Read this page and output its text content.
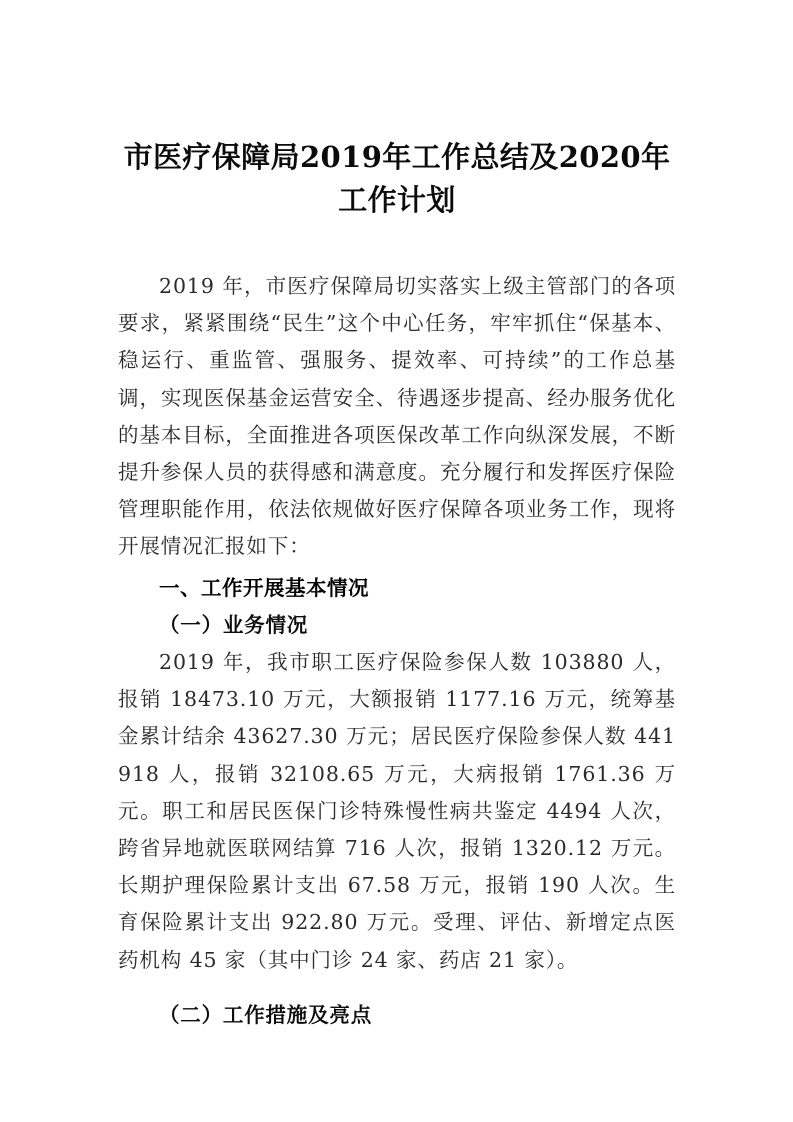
市医疗保障局2019年工作总结及2020年工作计划

2019 年，市医疗保障局切实落实上级主管部门的各项要求，紧紧围绕“民生”这个中心任务，牢牢抓住“保基本、稳运行、重监管、强服务、提效率、可持续”的工作总基调，实现医保基金运营安全、待遇逐步提高、经办服务优化的基本目标，全面推进各项医保改革工作向纵深发展，不断提升参保人员的获得感和满意度。充分履行和发挥医疗保险管理职能作用，依法依规做好医疗保障各项业务工作，现将开展情况汇报如下：

一、工作开展基本情况
（一）业务情况

2019 年，我市职工医疗保险参保人数 103880 人，报销 18473.10 万元，大额报销 1177.16 万元，统筹基金累计结余 43627.30 万元；居民医疗保险参保人数 441918 人，报销 32108.65 万元，大病报销 1761.36 万元。职工和居民医保门诊特殊慢性病共鉴定 4494 人次，跨省异地就医联网结算 716 人次，报销 1320.12 万元。长期护理保险累计支出 67.58 万元，报销 190 人次。生育保险累计支出 922.80 万元。受理、评估、新增定点医药机构 45 家（其中门诊 24 家、药店 21 家）。

（二）工作措施及亮点
